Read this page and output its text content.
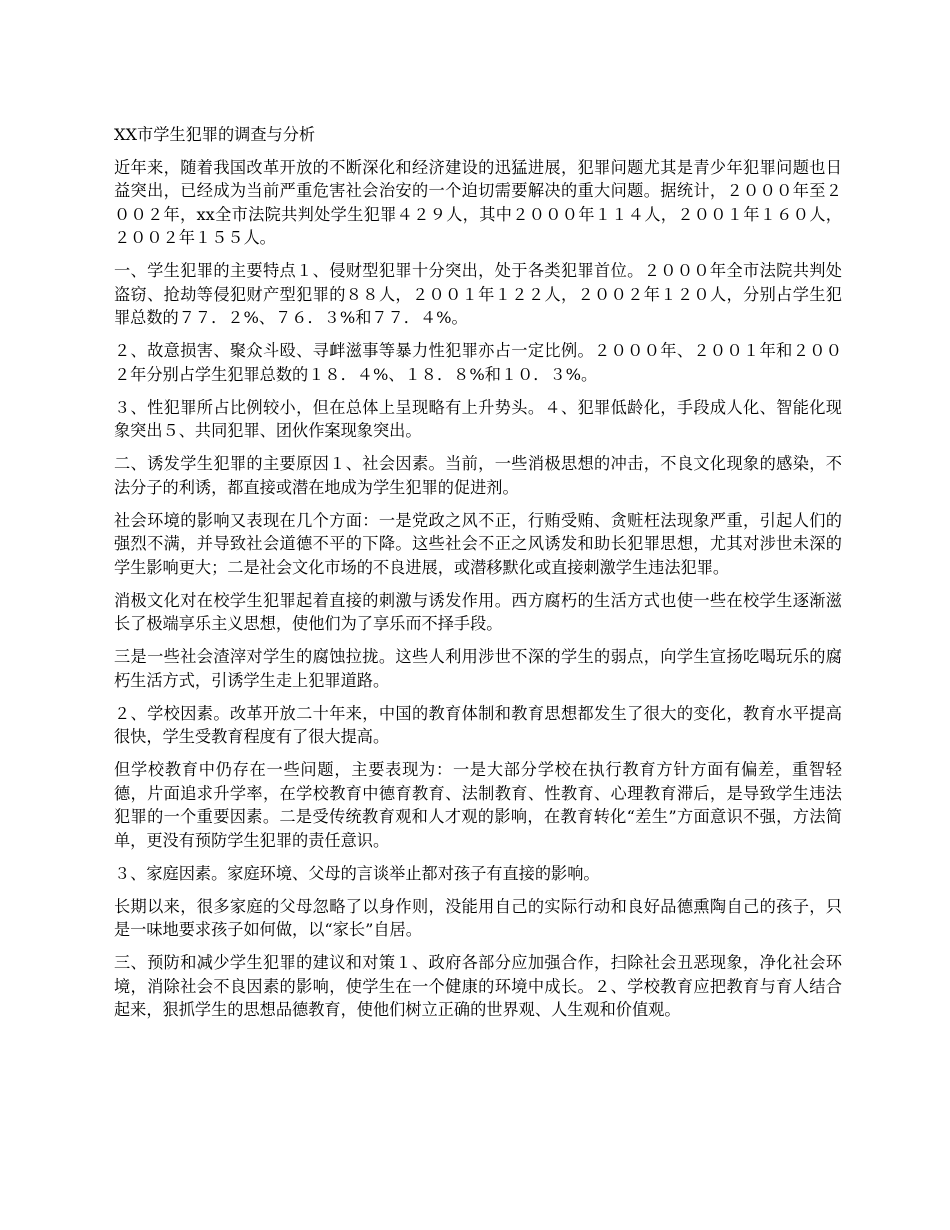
XX市学生犯罪的调查与分析

近年来，随着我国改革开放的不断深化和经济建设的迅猛进展，犯罪问题尤其是青少年犯罪问题也日益突出，已经成为当前严重危害社会治安的一个迫切需要解决的重大问题。据统计，２０００年至２００２年，xx全市法院共判处学生犯罪４２９人，其中２０００年１１４人，２００１年１６０人，２００２年１５５人。

一、学生犯罪的主要特点１、侵财型犯罪十分突出，处于各类犯罪首位。２０００年全市法院共判处盗窃、抢劫等侵犯财产型犯罪的８８人，２００１年１２２人，２００２年１２０人，分别占学生犯罪总数的７７．２%、７６．３%和７７．４%。

２、故意损害、聚众斗殴、寻衅滋事等暴力性犯罪亦占一定比例。２０００年、２００１年和２００２年分别占学生犯罪总数的１８．４%、１８．８%和１０．３%。

３、性犯罪所占比例较小，但在总体上呈现略有上升势头。４、犯罪低龄化，手段成人化、智能化现象突出５、共同犯罪、团伙作案现象突出。

二、诱发学生犯罪的主要原因１、社会因素。当前，一些消极思想的冲击，不良文化现象的感染，不法分子的利诱，都直接或潜在地成为学生犯罪的促进剂。

社会环境的影响又表现在几个方面：一是党政之风不正，行贿受贿、贪赃枉法现象严重，引起人们的强烈不满，并导致社会道德不平的下降。这些社会不正之风诱发和助长犯罪思想，尤其对涉世未深的学生影响更大；二是社会文化市场的不良进展，或潜移默化或直接刺激学生违法犯罪。

消极文化对在校学生犯罪起着直接的刺激与诱发作用。西方腐朽的生活方式也使一些在校学生逐渐滋长了极端享乐主义思想，使他们为了享乐而不择手段。

三是一些社会渣滓对学生的腐蚀拉拢。这些人利用涉世不深的学生的弱点，向学生宣扬吃喝玩乐的腐朽生活方式，引诱学生走上犯罪道路。

２、学校因素。改革开放二十年来，中国的教育体制和教育思想都发生了很大的变化，教育水平提高很快，学生受教育程度有了很大提高。

但学校教育中仍存在一些问题，主要表现为：一是大部分学校在执行教育方针方面有偏差，重智轻德，片面追求升学率，在学校教育中德育教育、法制教育、性教育、心理教育滞后，是导致学生违法犯罪的一个重要因素。二是受传统教育观和人才观的影响，在教育转化“差生”方面意识不强，方法简单，更没有预防学生犯罪的责任意识。

３、家庭因素。家庭环境、父母的言谈举止都对孩子有直接的影响。

长期以来，很多家庭的父母忽略了以身作则，没能用自己的实际行动和良好品德熏陶自己的孩子，只是一味地要求孩子如何做，以“家长”自居。

三、预防和减少学生犯罪的建议和对策１、政府各部分应加强合作，扫除社会丑恶现象，净化社会环境，消除社会不良因素的影响，使学生在一个健康的环境中成长。２、学校教育应把教育与育人结合起来，狠抓学生的思想品德教育，使他们树立正确的世界观、人生观和价值观。
